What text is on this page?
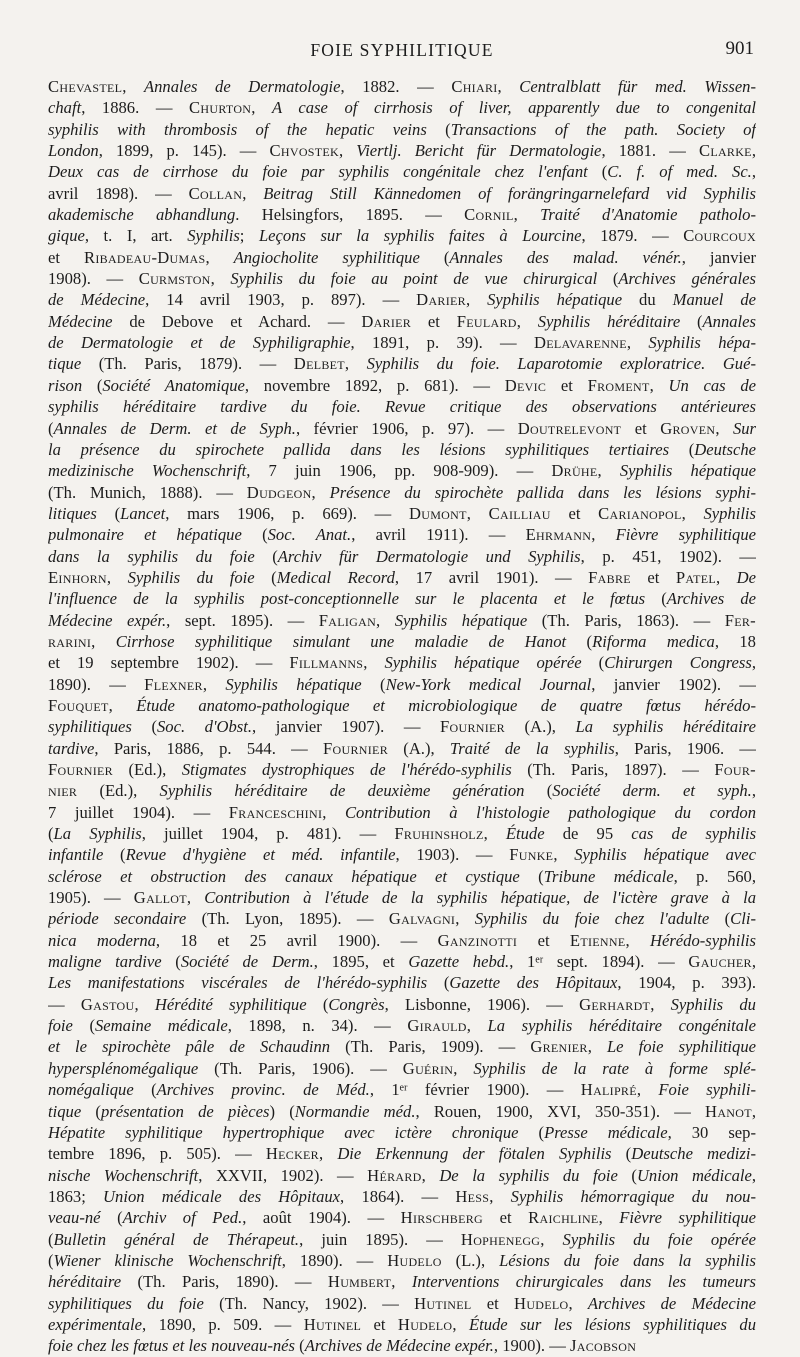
FOIE SYPHILITIQUE	901
Chevastel, Annales de Dermatologie, 1882. — Chiari, Centralblatt für med. Wissen-
chaft, 1886. — Churton, A case of cirrhosis of liver, apparently due to congenital
syphilis with thrombosis of the hepatic veins (Transactions of the path. Society of
London, 1899, p. 145). — Chvostek, Viertlj. Bericht für Dermatologie, 1881. — Clarke,
Deux cas de cirrhose du foie par syphilis congénitale chez l'enfant (C. f. of med. Sc.,
avril 1898). — Collan, Beitrag Still Kännedomen of forängringarnelefard vid Syphilis
akademische abhandlung. Helsingfors, 1895. — Cornil, Traité d'Anatomie patholo-
gique, t. I, art. Syphilis; Leçons sur la syphilis faites à Lourcine, 1879. — Courcoux
et Ribadeau-Dumas, Angiocholite syphilitique (Annales des malad. vénér., janvier
1908). — Curmston, Syphilis du foie au point de vue chirurgical (Archives générales
de Médecine, 14 avril 1903, p. 897). — Darier, Syphilis hépatique du Manuel de
Médecine de Debove et Achard. — Darier et Feulard, Syphilis héréditaire (Annales
de Dermatologie et de Syphiligraphie, 1891, p. 39). — Delavarenne, Syphilis hépa-
tique (Th. Paris, 1879). — Delbet, Syphilis du foie. Laparotomie exploratrice. Gué-
rison (Société Anatomique, novembre 1892, p. 681). — Devic et Froment, Un cas de
syphilis héréditaire tardive du foie. Revue critique des observations antérieures
(Annales de Derm. et de Syph., février 1906, p. 97). — Doutrelevont et Groven, Sur
la présence du spirochete pallida dans les lésions syphilitiques tertiaires (Deutsche
medizinische Wochenschrift, 7 juin 1906, pp. 908-909). — Drühe, Syphilis hépatique
(Th. Munich, 1888). — Dudgeon, Présence du spirochète pallida dans les lésions syphi-
litiques (Lancet, mars 1906, p. 669). — Dumont, Cailliau et Carianopol, Syphilis
pulmonaire et hépatique (Soc. Anat., avril 1911). — Ehrmann, Fièvre syphilitique
dans la syphilis du foie (Archiv für Dermatologie und Syphilis, p. 451, 1902). —
Einhorn, Syphilis du foie (Medical Record, 17 avril 1901). — Fabre et Patel, De
l'influence de la syphilis post-conceptionnelle sur le placenta et le fœtus (Archives de
Médecine expér., sept. 1895). — Faligan, Syphilis hépatique (Th. Paris, 1863). — Fer-
rarini, Cirrhose syphilitique simulant une maladie de Hanot (Riforma medica, 18
et 19 septembre 1902). — Fillmanns, Syphilis hépatique opérée (Chirurgen Congress,
1890). — Flexner, Syphilis hépatique (New-York medical Journal, janvier 1902). —
Fouquet, Étude anatomo-pathologique et microbiologique de quatre fœtus hérédo-
syphilitiques (Soc. d'Obst., janvier 1907). — Fournier (A.), La syphilis héréditaire
tardive, Paris, 1886, p. 544. — Fournier (A.), Traité de la syphilis, Paris, 1906. —
Fournier (Ed.), Stigmates dystrophiques de l'hérédo-syphilis (Th. Paris, 1897). — Four-
nier (Ed.), Syphilis héréditaire de deuxième génération (Société derm. et syph.,
7 juillet 1904). — Franceschini, Contribution à l'histologie pathologique du cordon
(La Syphilis, juillet 1904, p. 481). — Fruhinsholz, Étude de 95 cas de syphilis
infantile (Revue d'hygiène et méd. infantile, 1903). — Funke, Syphilis hépatique avec
sclérose et obstruction des canaux hépatique et cystique (Tribune médicale, p. 560,
1905). — Gallot, Contribution à l'étude de la syphilis hépatique, de l'ictère grave à la
période secondaire (Th. Lyon, 1895). — Galvagni, Syphilis du foie chez l'adulte (Cli-
nica moderna, 18 et 25 avril 1900). — Ganzinotti et Etienne, Hérédo-syphilis
maligne tardive (Société de Derm., 1895, et Gazette hebd., 1ᵉʳ sept. 1894). — Gaucher,
Les manifestations viscérales de l'hérédo-syphilis (Gazette des Hôpitaux, 1904, p. 393).
— Gastou, Hérédité syphilitique (Congrès, Lisbonne, 1906). — Gerhardt, Syphilis du
foie (Semaine médicale, 1898, n. 34). — Girauld, La syphilis héréditaire congénitale
et le spirochète pâle de Schaudinn (Th. Paris, 1909). — Grenier, Le foie syphilitique
hypersplénomégalique (Th. Paris, 1906). — Guérin, Syphilis de la rate à forme splé-
nomégalique (Archives provinc. de Méd., 1ᵉʳ février 1900). — Halipré, Foie syphili-
tique (présentation de pièces) (Normandie méd., Rouen, 1900, XVI, 350-351). — Hanot,
Hépatite syphilitique hypertrophique avec ictère chronique (Presse médicale, 30 sep-
tembre 1896, p. 505). — Hecker, Die Erkennung der fötalen Syphilis (Deutsche medizi-
nische Wochenschrift, XXVII, 1902). — Hérard, De la syphilis du foie (Union médicale,
1863; Union médicale des Hôpitaux, 1864). — Hess, Syphilis hémorragique du nou-
veau-né (Archiv of Ped., août 1904). — Hirschberg et Raichline, Fièvre syphilitique
(Bulletin général de Thérapeut., juin 1895). — Hophenegg, Syphilis du foie opérée
(Wiener klinische Wochenschrift, 1890). — Hudelo (L.), Lésions du foie dans la syphilis
héréditaire (Th. Paris, 1890). — Humbert, Interventions chirurgicales dans les tumeurs
syphilitiques du foie (Th. Nancy, 1902). — Hutinel et Hudelo, Archives de Médecine
expérimentale, 1890, p. 509. — Hutinel et Hudelo, Étude sur les lésions syphilitiques du
foie chez les fœtus et les nouveau-nés (Archives de Médecine expér., 1900). — Jacobson
